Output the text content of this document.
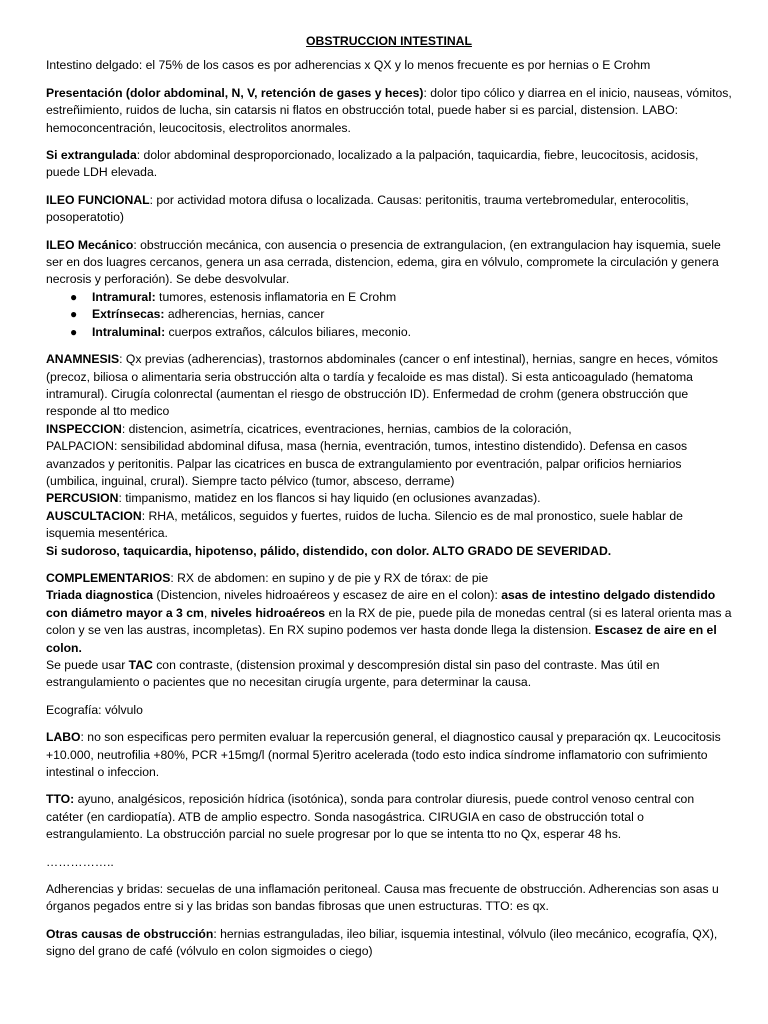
OBSTRUCCION INTESTINAL

Intestino delgado: el 75% de los casos es por adherencias x QX y lo menos frecuente es por hernias o E Crohm

Presentación (dolor abdominal, N, V, retención de gases y heces): dolor tipo cólico y diarrea en el inicio, nauseas, vómitos, estreñimiento, ruidos de lucha, sin catarsis ni flatos en obstrucción total, puede haber si es parcial, distension. LABO: hemoconcentración, leucocitosis, electrolitos anormales.

Si extrangulada: dolor abdominal desproporcionado, localizado a la palpación, taquicardia, fiebre, leucocitosis, acidosis, puede LDH elevada.

ILEO FUNCIONAL: por actividad motora difusa o localizada. Causas: peritonitis, trauma vertebromedular, enterocolitis, posoperatotio)

ILEO Mecánico: obstrucción mecánica, con ausencia o presencia de extrangulacion, (en extrangulacion hay isquemia, suele ser en dos luagres cercanos, genera un asa cerrada, distencion, edema, gira en vólvulo, compromete la circulación y genera necrosis y perforación). Se debe desvolvular.

● Intramural: tumores, estenosis inflamatoria en E Crohm
● Extrínsecas: adherencias, hernias, cancer
● Intraluminal: cuerpos extraños, cálculos biliares, meconio.
ANAMNESIS: Qx previas (adherencias), trastornos abdominales (cancer o enf intestinal), hernias, sangre en heces, vómitos (precoz, biliosa o alimentaria seria obstrucción alta o tardía y fecaloide es mas distal). Si esta anticoagulado (hematoma intramural). Cirugía colonrectal (aumentan el riesgo de obstrucción ID). Enfermedad de crohm (genera obstrucción que responde al tto medico
INSPECCION: distencion, asimetría, cicatrices, eventraciones, hernias, cambios de la coloración,
PALPACION: sensibilidad abdominal difusa, masa (hernia, eventración, tumos, intestino distendido). Defensa en casos avanzados y peritonitis. Palpar las cicatrices en busca de extrangulamiento por eventración, palpar orificios herniarios (umbilica, inguinal, crural). Siempre tacto pélvico (tumor, absceso, derrame)
PERCUSION: timpanismo, matidez en los flancos si hay liquido (en oclusiones avanzadas).
AUSCULTACION: RHA, metálicos, seguidos y fuertes, ruidos de lucha. Silencio es de mal pronostico, suele hablar de isquemia mesentérica.
Si sudoroso, taquicardia, hipotenso, pálido, distendido, con dolor. ALTO GRADO DE SEVERIDAD.
COMPLEMENTARIOS: RX de abdomen: en supino y de pie y RX de tórax: de pie
Triada diagnostica (Distencion, niveles hidroaéreos y escasez de aire en el colon): asas de intestino delgado distendido con diámetro mayor a 3 cm, niveles hidroaéreos en la RX de pie, puede pila de monedas central (si es lateral orienta mas a colon y se ven las austras, incompletas). En RX supino podemos ver hasta donde llega la distension. Escasez de aire en el colon.
Se puede usar TAC con contraste, (distension proximal y descompresión distal sin paso del contraste. Mas útil en estrangulamiento o pacientes que no necesitan cirugía urgente, para determinar la causa.

Ecografía: vólvulo

LABO: no son especificas pero permiten evaluar la repercusión general, el diagnostico causal y preparación qx. Leucocitosis +10.000, neutrofilia +80%, PCR +15mg/l (normal 5)eritro acelerada (todo esto indica síndrome inflamatorio con sufrimiento intestinal o infeccion.

TTO: ayuno, analgésicos, reposición hídrica (isotónica), sonda para controlar diuresis, puede control venoso central con catéter (en cardiopatía). ATB de amplio espectro. Sonda nasogástrica. CIRUGIA en caso de obstrucción total o estrangulamiento. La obstrucción parcial no suele progresar por lo que se intenta tto no Qx, esperar 48 hs.

……………..

Adherencias y bridas: secuelas de una inflamación peritoneal. Causa mas frecuente de obstrucción. Adherencias son asas u órganos pegados entre si y las bridas son bandas fibrosas que unen estructuras. TTO: es qx.

Otras causas de obstrucción: hernias estranguladas, ileo biliar, isquemia intestinal, vólvulo (ileo mecánico, ecografía, QX), signo del grano de café (vólvulo en colon sigmoides o ciego)
